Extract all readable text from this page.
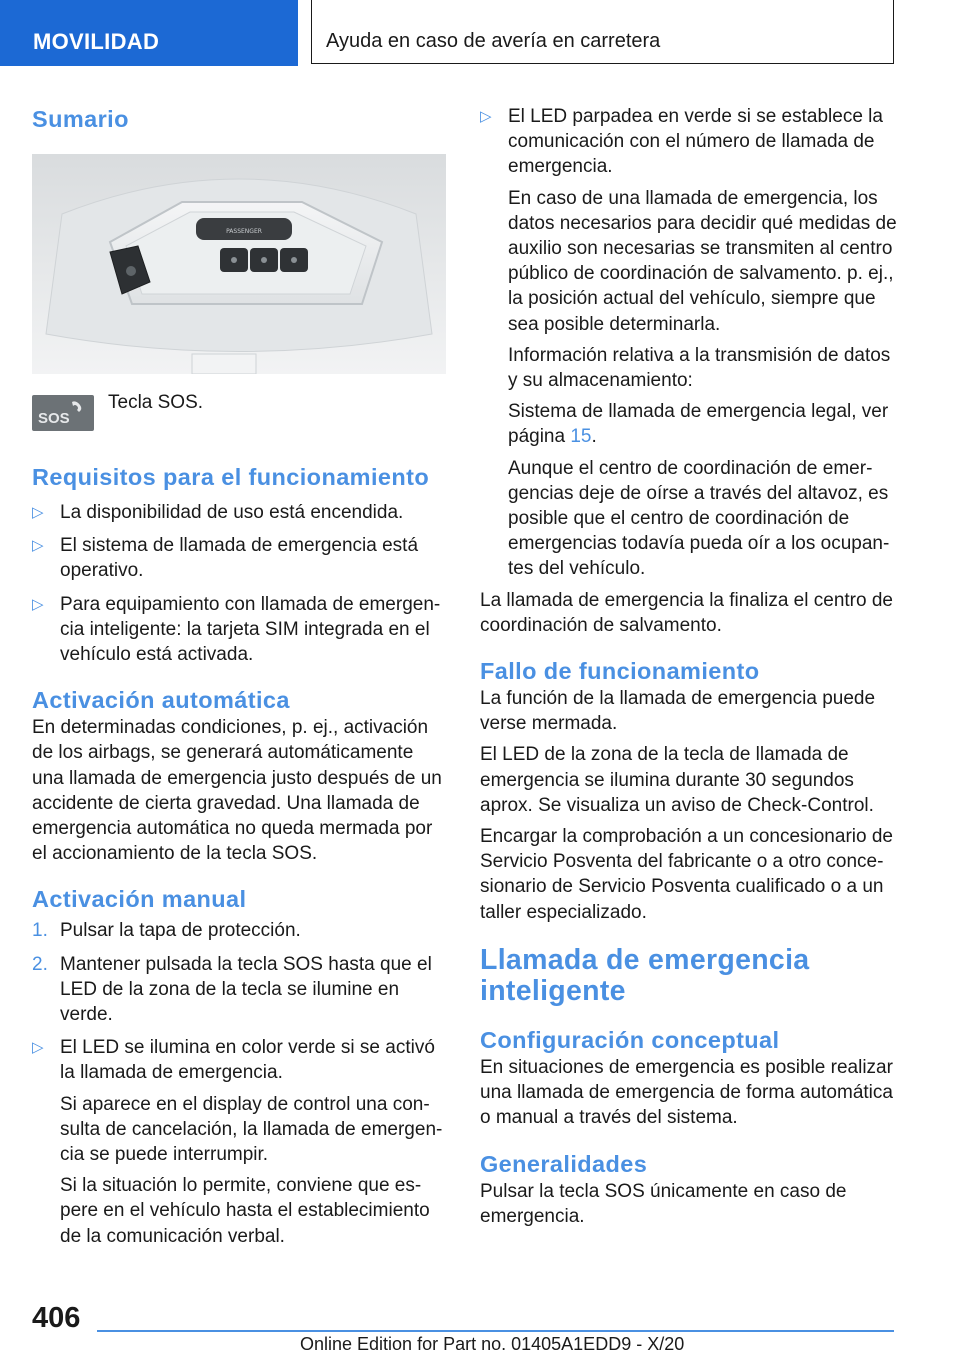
MOVILIDAD	Ayuda en caso de avería en carretera
Sumario
PASSENGER
SOS
Tecla SOS.
Requisitos para el funcionamiento
▷ La disponibilidad de uso está encendida.
▷ El sistema de llamada de emergencia está operativo.
▷ Para equipamiento con llamada de emergencia inteligente: la tarjeta SIM integrada en el vehículo está activada.
Activación automática

En determinadas condiciones, p. ej., activación de los airbags, se generará automáticamente una llamada de emergencia justo después de un accidente de cierta gravedad. Una llamada de emergencia automática no queda mermada por el accionamiento de la tecla SOS.

Activación manual
1. Pulsar la tapa de protección.
2. Mantener pulsada la tecla SOS hasta que el LED de la zona de la tecla se ilumine en verde.
▷ El LED se ilumina en color verde si se activó la llamada de emergencia.
Si aparece en el display de control una consulta de cancelación, la llamada de emergencia se puede interrumpir.
Si la situación lo permite, conviene que espere en el vehículo hasta el establecimiento de la comunicación verbal.
▷ El LED parpadea en verde si se establece la comunicación con el número de llamada de emergencia.
En caso de una llamada de emergencia, los datos necesarios para decidir qué medidas de auxilio son necesarias se transmiten al centro público de coordinación de salvamento. p. ej., la posición actual del vehículo, siempre que sea posible determinarla.
Información relativa a la transmisión de datos y su almacenamiento:
Sistema de llamada de emergencia legal, ver página 15.
Aunque el centro de coordinación de emergencias deje de oírse a través del altavoz, es posible que el centro de coordinación de emergencias todavía pueda oír a los ocupantes del vehículo.

La llamada de emergencia la finaliza el centro de coordinación de salvamento.

Fallo de funcionamiento

La función de la llamada de emergencia puede verse mermada.

El LED de la zona de la tecla de llamada de emergencia se ilumina durante 30 segundos aprox. Se visualiza un aviso de Check-Control.

Encargar la comprobación a un concesionario de Servicio Posventa del fabricante o a otro concesionario de Servicio Posventa cualificado o a un taller especializado.

Llamada de emergencia inteligente
Configuración conceptual

En situaciones de emergencia es posible realizar una llamada de emergencia de forma automática o manual a través del sistema.

Generalidades

Pulsar la tecla SOS únicamente en caso de emergencia.

406
Online Edition for Part no. 01405A1EDD9 - X/20
